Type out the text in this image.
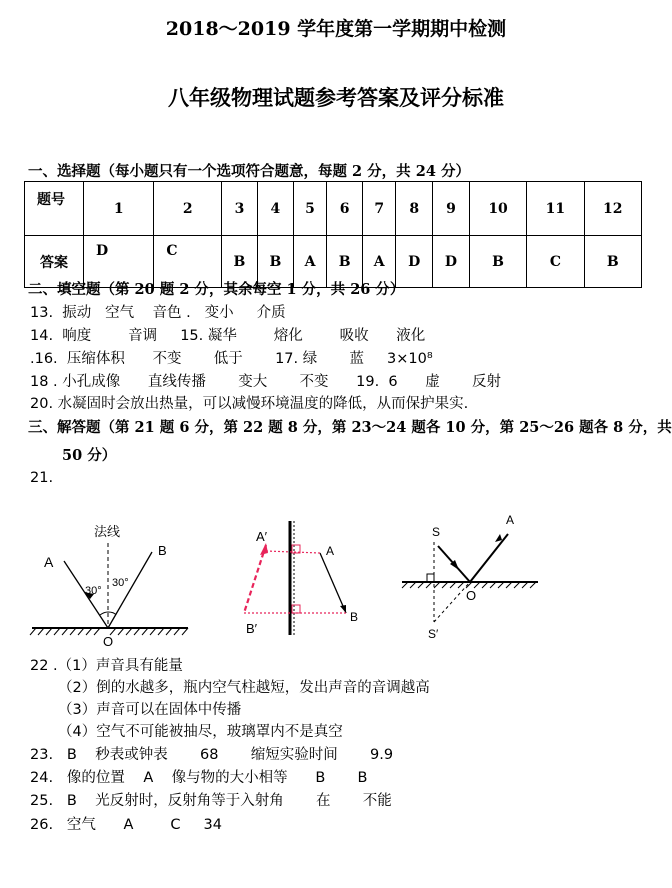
2018～2019 学年度第一学期期中检测
八年级物理试题参考答案及评分标准
一、选择题（每小题只有一个选项符合题意，每题 2 分，共 24 分）
题号	1	2	3	4	5	6	7	8	9	10	11	12
答案	D	C	B	B	A	B	A	D	D	B	C	B
二、填空题（第 20 题 2 分，其余每空 1 分，共 26 分）
13.  振动   空气    音色 .   变小     介质
14.  响度        音调     15. 凝华        熔化        吸收      液化
.16.  压缩体积      不变       低于       17. 绿       蓝     3×10⁸
18 . 小孔成像      直线传播       变大       不变      19.  6      虚       反射
20. 水凝固时会放出热量，可以减慢环境温度的降低，从而保护果实.
三、解答题（第 21 题 6 分，第 22 题 8 分，第 23～24 题各 10 分，第 25～26 题各 8 分，共
50 分）
21.
法线
A
B
O
30°
30°
A′
A
B′
B
S
A
O
S′
22 .（1）声音具有能量
（2）倒的水越多，瓶内空气柱越短，发出声音的音调越高
（3）声音可以在固体中传播
（4）空气不可能被抽尽，玻璃罩内不是真空
23.   B    秒表或钟表       68       缩短实验时间       9.9
24.   像的位置    A    像与物的大小相等      B       B
25.   B    光反射时，反射角等于入射角       在       不能
26.   空气      A        C     34
